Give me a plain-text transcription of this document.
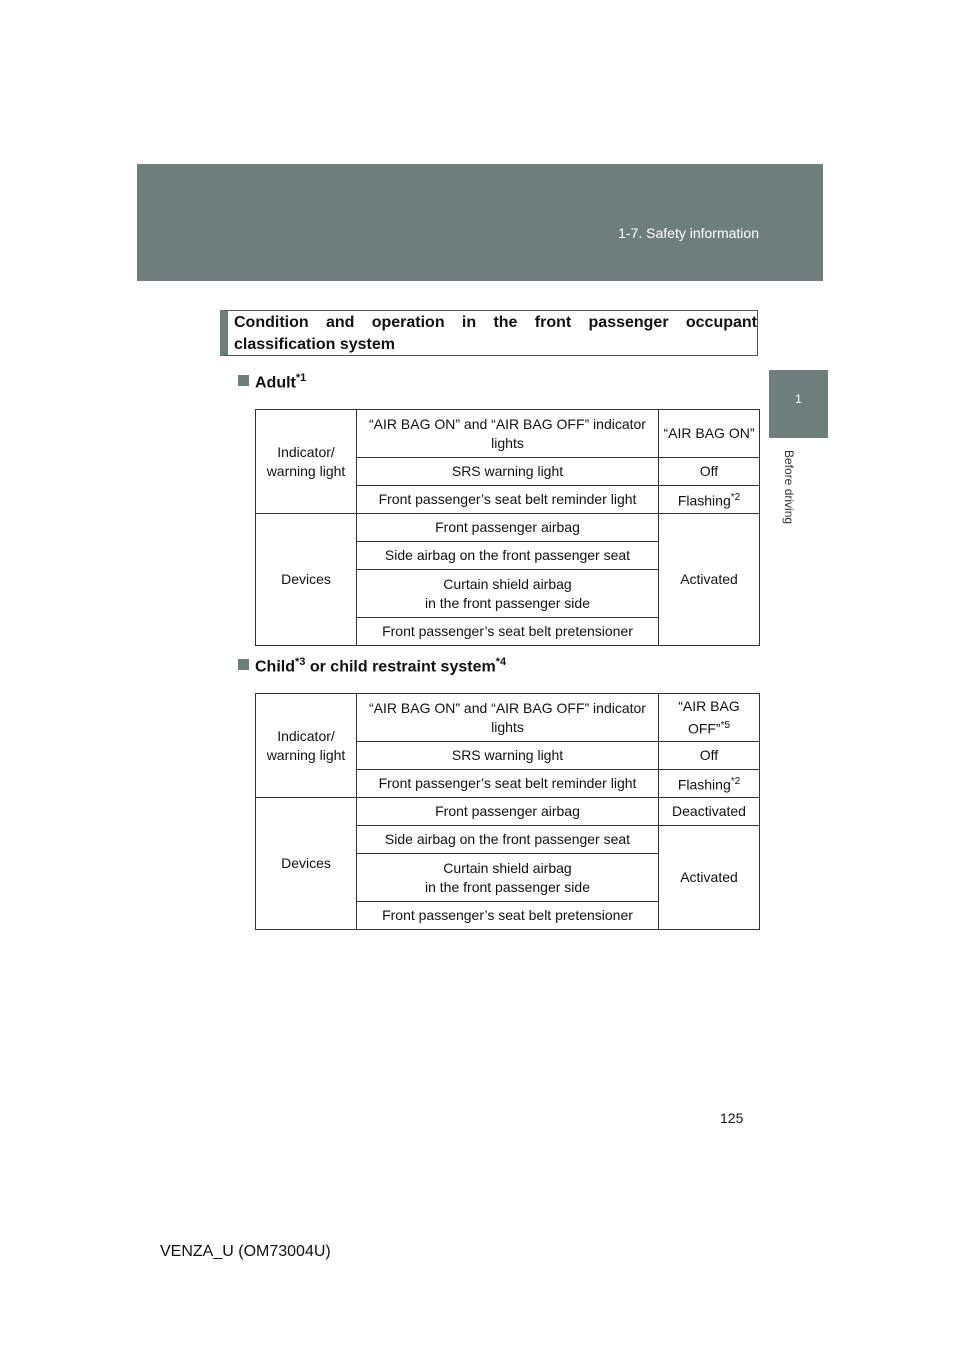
1-7. Safety information
1
Before driving
Condition and operation in the front passenger occupant classification system
Adult$^{*1}$
Indicator/ warning light	“AIR BAG ON” and “AIR BAG OFF” indicator lights	“AIR BAG ON”
	SRS warning light	Off
	Front passenger’s seat belt reminder light	Flashing$^{*2}$
Devices	Front passenger airbag	Activated
	Side airbag on the front passenger seat	
	Curtain shield airbag
in the front passenger side	
	Front passenger’s seat belt pretensioner	
Child$^{*3}$ or child restraint system$^{*4}$
Indicator/ warning light	“AIR BAG ON” and “AIR BAG OFF” indicator lights	“AIR BAG OFF”$^{*5}$
	SRS warning light	Off
	Front passenger’s seat belt reminder light	Flashing$^{*2}$
Devices	Front passenger airbag	Deactivated
	Side airbag on the front passenger seat	Activated
	Curtain shield airbag
in the front passenger side	
	Front passenger’s seat belt pretensioner	
125
VENZA_U (OM73004U)
